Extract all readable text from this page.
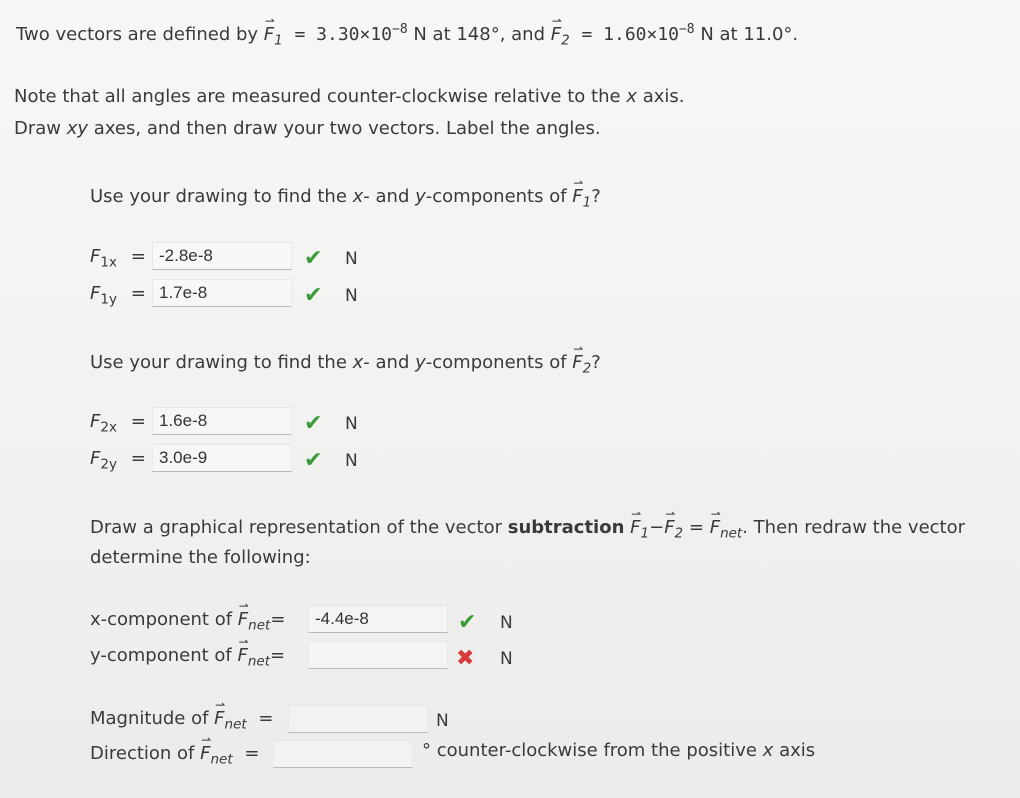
Two vectors are defined by
⇀
$F_1 = 3.30\times 10^{-8}$ N at 148°, and
⇀
$F_2 = 1.60\times 10^{-8}$ N at 11.0°.
Note that all angles are measured counter-clockwise relative to the x axis.
Draw xy axes, and then draw your two vectors. Label the angles.
Use your drawing to find the x- and y-components of
⇀
$F_1$?
$F_{1x} = -2.8e-8$	✔ N
$F_{1y} = 1.7e-8$	✔ N
Use your drawing to find the x- and y-components of
⇀
$F_2$?
$F_{2x} = 1.6e-8$	✔ N
$F_{2y} = 3.0e-9$	✔ N
Draw a graphical representation of the vector subtraction
⇀
$F_1-$
⇀
$F_2$ =
⇀
$F_{net}$. Then redraw the vector
determine the following:
x-component of
⇀
$F_{net}=$	-4.4e-8	✔ N
y-component of
⇀
$F_{net}=$	✖ N
Magnitude of
⇀
$F_{net}$ =	N
Direction of
⇀
$F_{net}$ =	° counter-clockwise from the positive x axis
